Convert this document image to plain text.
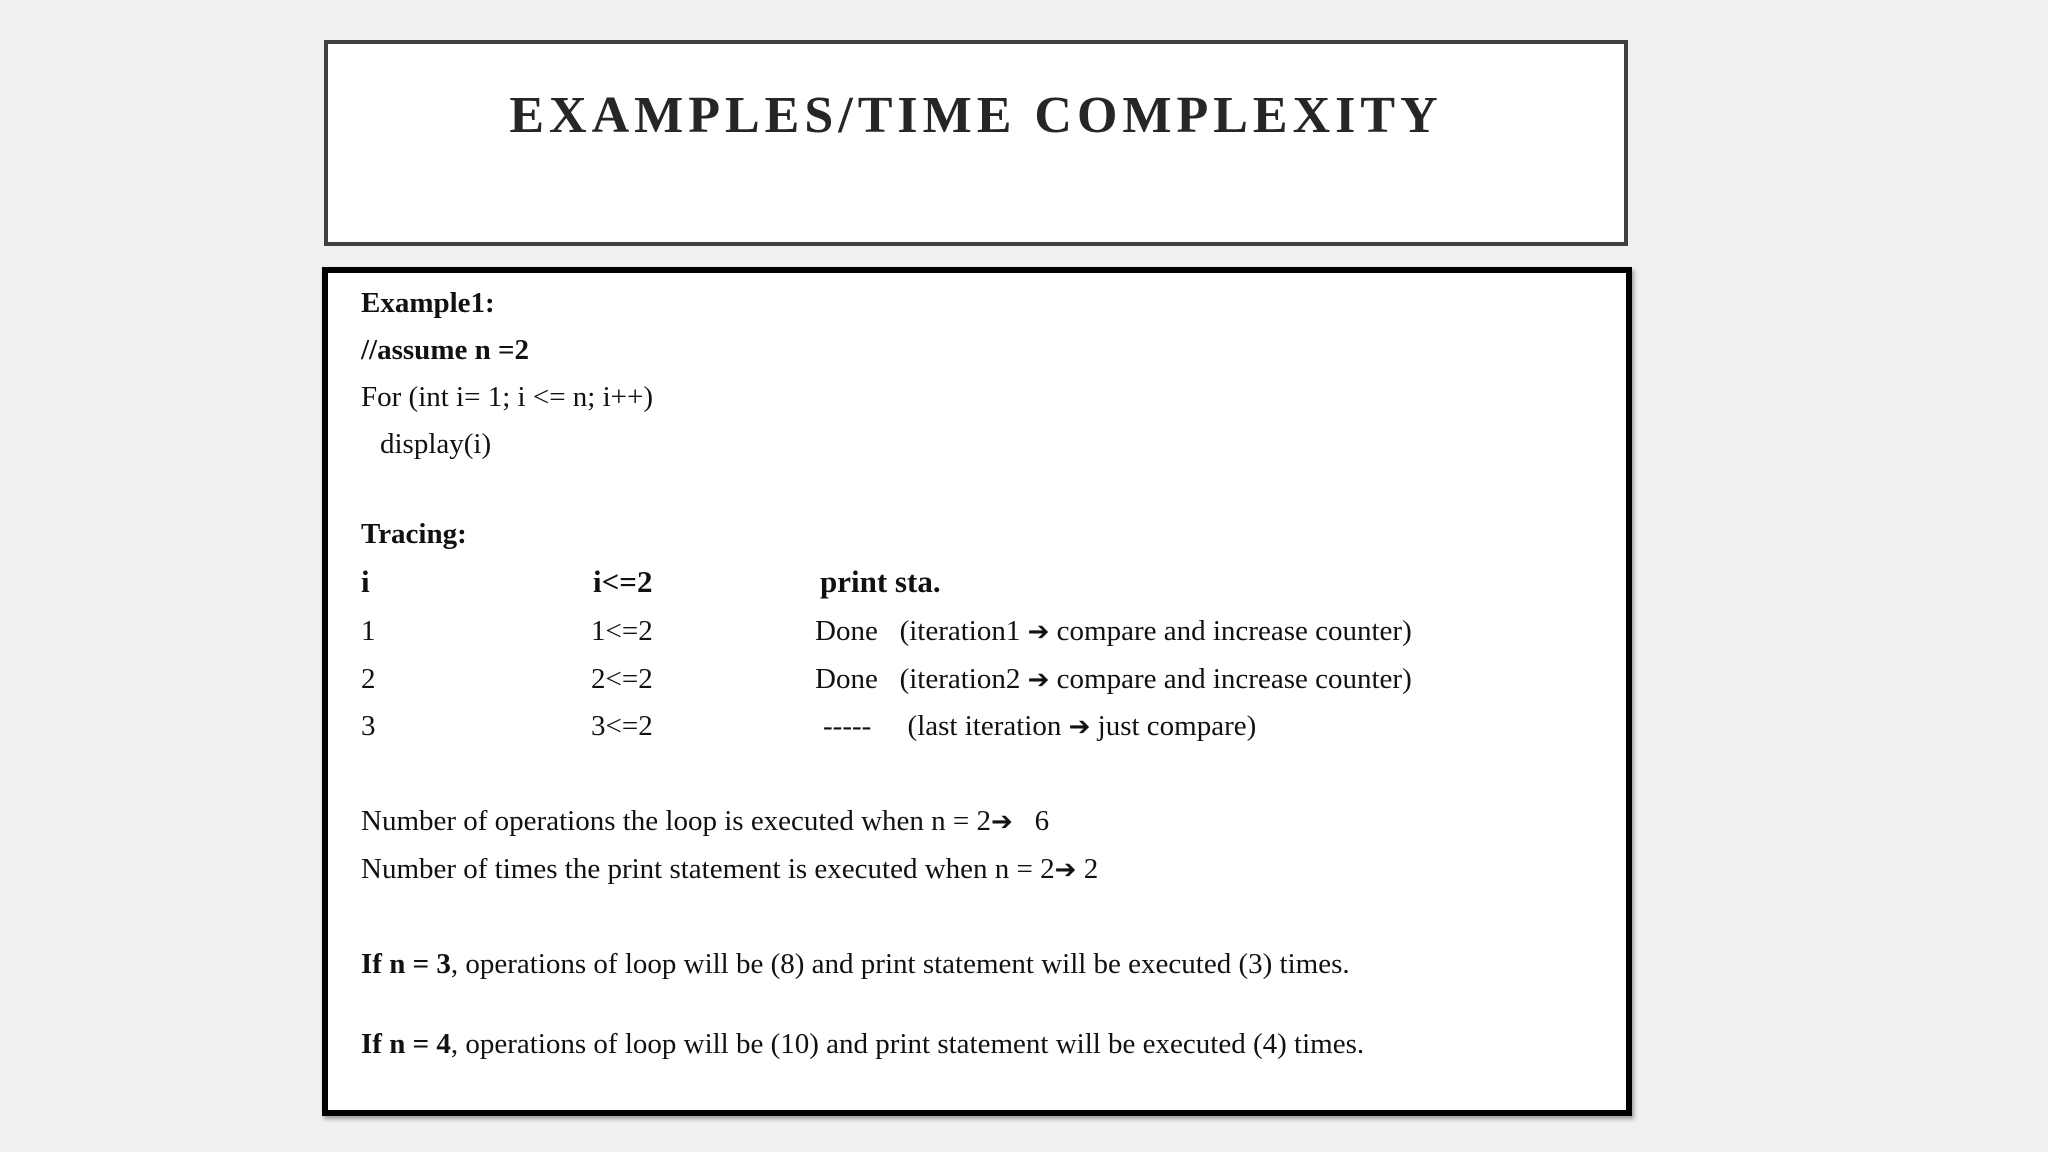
EXAMPLES/TIME COMPLEXITY
Example1:
//assume n =2
For (int i= 1; i <= n; i++)
display(i)
Tracing:
i	i<=2	print sta.
1	1<=2	Done (iteration1 ➔ compare and increase counter)
2	2<=2	Done (iteration2 ➔ compare and increase counter)
3	3<=2	----- (last iteration ➔ just compare)
Number of operations the loop is executed when n = 2➔ 6
Number of times the print statement is executed when n = 2➔ 2
If n = 3, operations of loop will be (8) and print statement will be executed (3) times.
If n = 4, operations of loop will be (10) and print statement will be executed (4) times.
